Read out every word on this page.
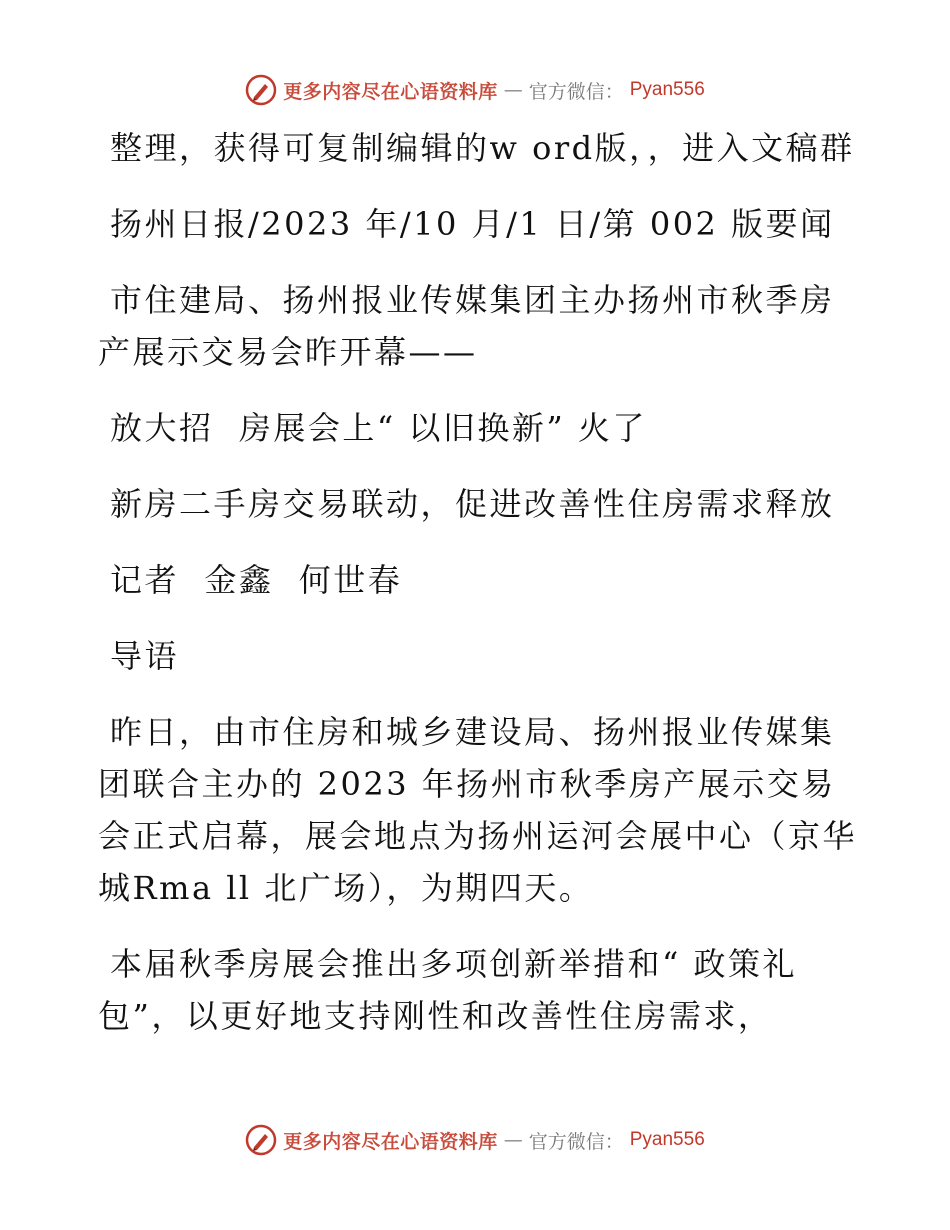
更多内容尽在心语资料库 — 官方微信： Pyan556

整理，获得可复制编辑的w ord版，，进入文稿群

扬州日报/2023 年/10 月/1 日/第 002 版要闻

市住建局、扬州报业传媒集团主办扬州市秋季房产展示交易会昨开幕——

放大招  房展会上“ 以旧换新” 火了

新房二手房交易联动，促进改善性住房需求释放

记者  金鑫  何世春

导语

昨日，由市住房和城乡建设局、扬州报业传媒集团联合主办的 2023 年扬州市秋季房产展示交易会正式启幕，展会地点为扬州运河会展中心（京华城Rma ll 北广场），为期四天。

本届秋季房展会推出多项创新举措和“ 政策礼包”，以更好地支持刚性和改善性住房需求，

更多内容尽在心语资料库 — 官方微信： Pyan556
